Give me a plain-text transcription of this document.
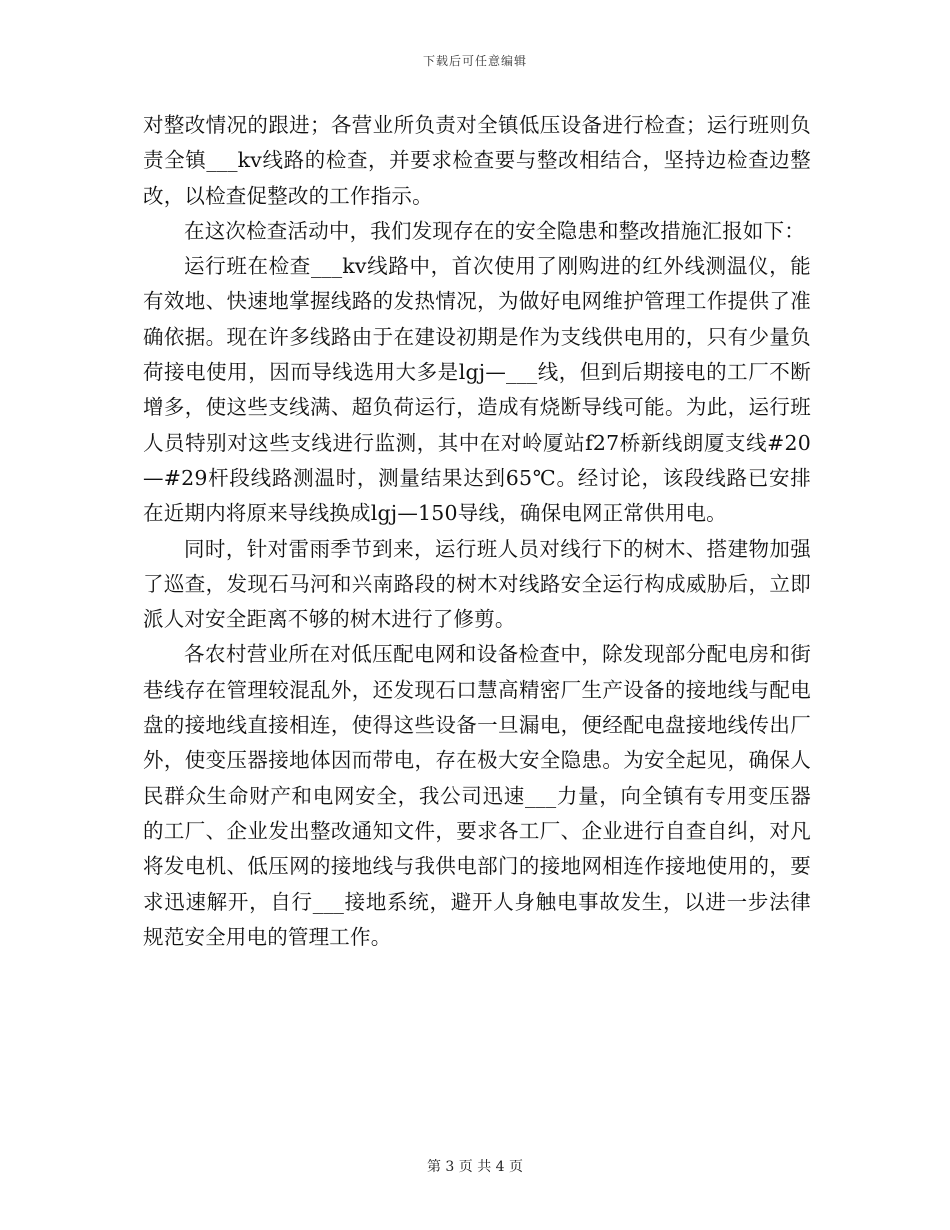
下载后可任意编辑

对整改情况的跟进；各营业所负责对全镇低压设备进行检查；运行班则负责全镇___kv线路的检查，并要求检查要与整改相结合，坚持边检查边整改，以检查促整改的工作指示。

在这次检查活动中，我们发现存在的安全隐患和整改措施汇报如下：

运行班在检查___kv线路中，首次使用了刚购进的红外线测温仪，能有效地、快速地掌握线路的发热情况，为做好电网维护管理工作提供了准确依据。现在许多线路由于在建设初期是作为支线供电用的，只有少量负荷接电使用，因而导线选用大多是lgj—___线，但到后期接电的工厂不断增多，使这些支线满、超负荷运行，造成有烧断导线可能。为此，运行班人员特别对这些支线进行监测，其中在对岭厦站f27桥新线朗厦支线#20—#29杆段线路测温时，测量结果达到65℃。经讨论，该段线路已安排在近期内将原来导线换成lgj—150导线，确保电网正常供用电。

同时，针对雷雨季节到来，运行班人员对线行下的树木、搭建物加强了巡查，发现石马河和兴南路段的树木对线路安全运行构成威胁后，立即派人对安全距离不够的树木进行了修剪。

各农村营业所在对低压配电网和设备检查中，除发现部分配电房和街巷线存在管理较混乱外，还发现石口慧高精密厂生产设备的接地线与配电盘的接地线直接相连，使得这些设备一旦漏电，便经配电盘接地线传出厂外，使变压器接地体因而带电，存在极大安全隐患。为安全起见，确保人民群众生命财产和电网安全，我公司迅速___力量，向全镇有专用变压器的工厂、企业发出整改通知文件，要求各工厂、企业进行自查自纠，对凡将发电机、低压网的接地线与我供电部门的接地网相连作接地使用的，要求迅速解开，自行___接地系统，避开人身触电事故发生，以进一步法律规范安全用电的管理工作。

第 3 页 共 4 页
